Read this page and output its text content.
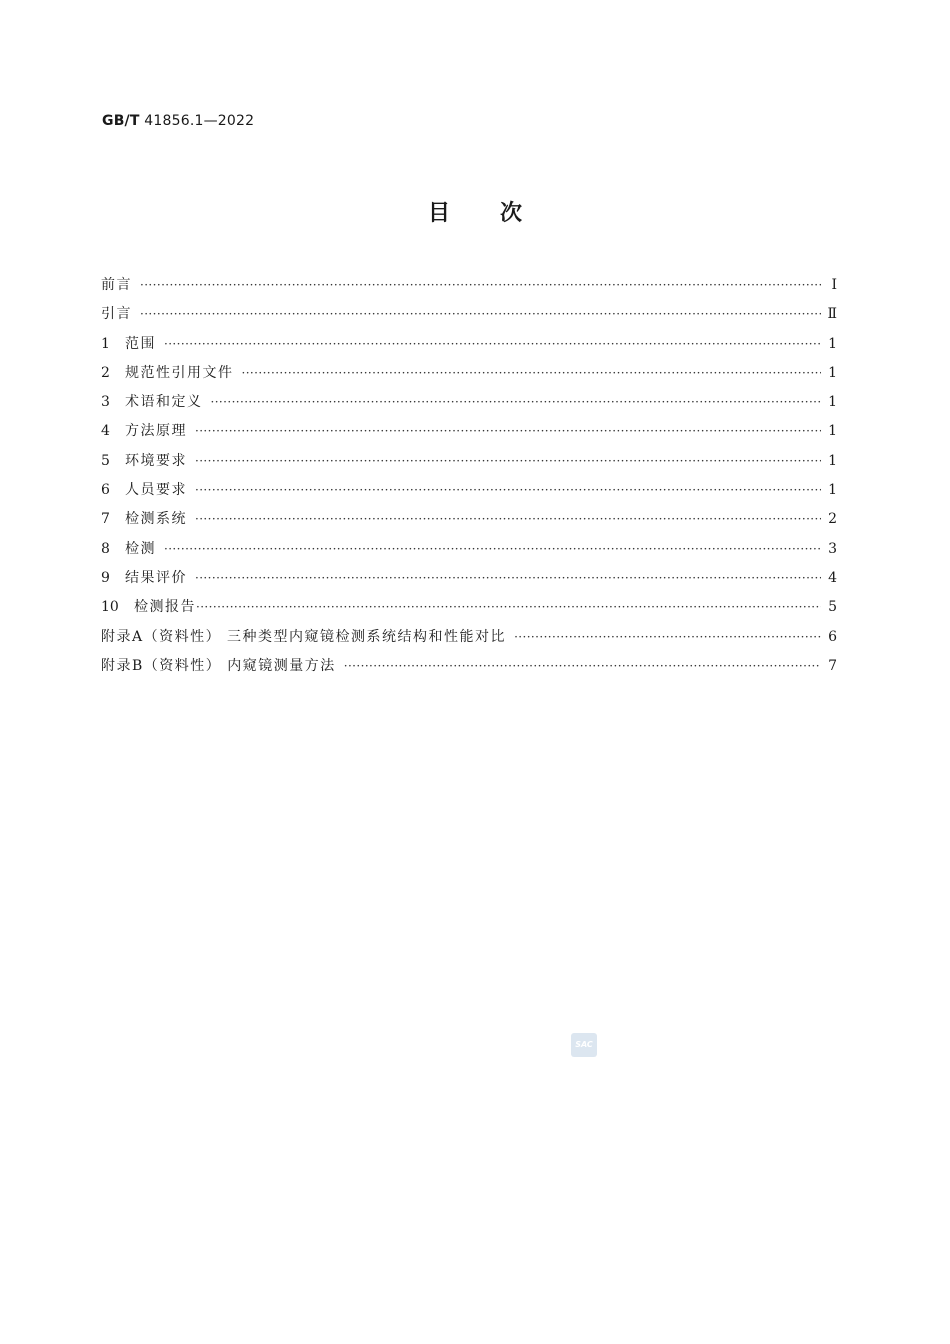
GB/T 41856.1—2022
目次
前言 ·····	Ⅰ
引言 ·····	Ⅱ
1	范围 ·····	1
2	规范性引用文件 ·····	1
3	术语和定义 ·····	1
4	方法原理 ·····	1
5	环境要求 ·····	1
6	人员要求 ·····	1
7	检测系统 ·····	2
8	检测 ·····	3
9	结果评价 ·····	4
10	检测报告 ·····	5
附录A（资料性） 三种类型内窥镜检测系统结构和性能对比 ·····	6
附录B（资料性） 内窥镜测量方法 ·····	7
SAC
